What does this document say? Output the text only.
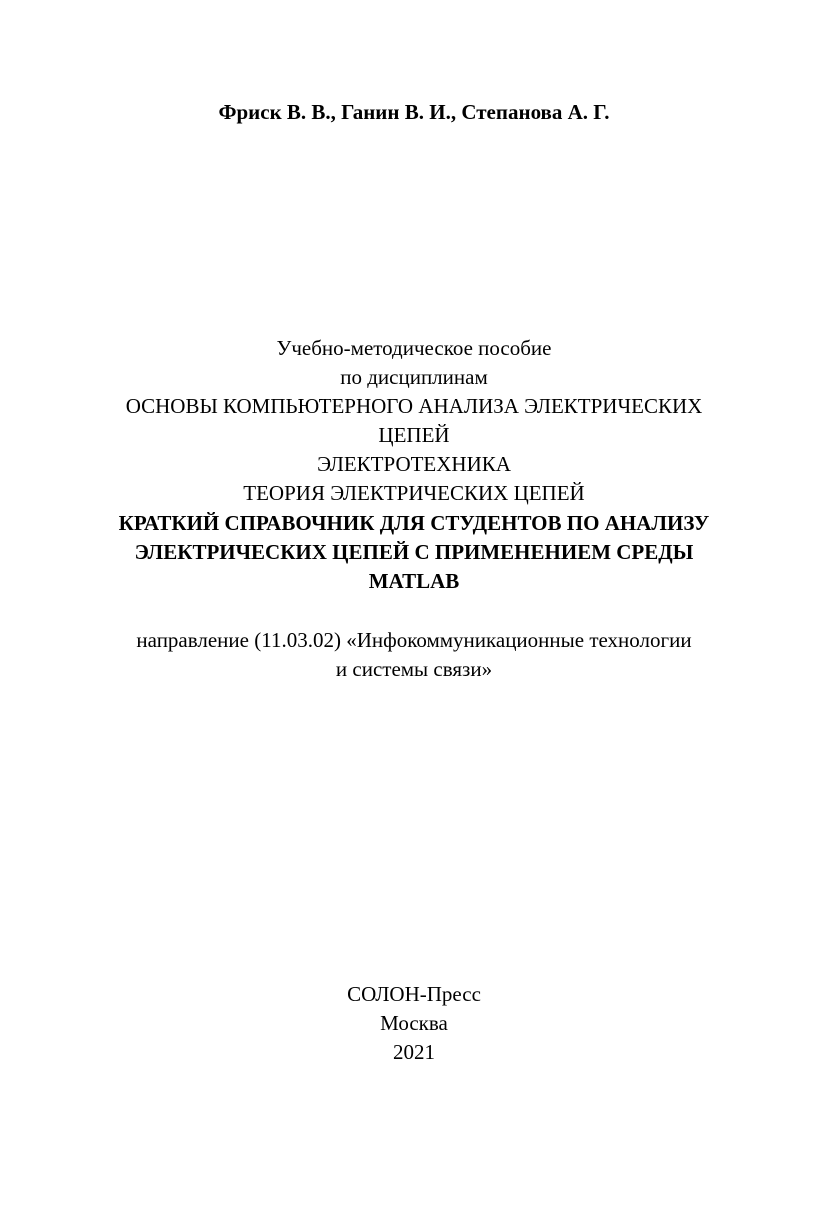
Фриск В. В., Ганин В. И., Степанова А. Г.
Учебно-методическое пособие
по дисциплинам
ОСНОВЫ КОМПЬЮТЕРНОГО АНАЛИЗА ЭЛЕКТРИЧЕСКИХ
ЦЕПЕЙ
ЭЛЕКТРОТЕХНИКА
ТЕОРИЯ ЭЛЕКТРИЧЕСКИХ ЦЕПЕЙ
КРАТКИЙ СПРАВОЧНИК ДЛЯ СТУДЕНТОВ ПО АНАЛИЗУ
ЭЛЕКТРИЧЕСКИХ ЦЕПЕЙ С ПРИМЕНЕНИЕМ СРЕДЫ
MATLAB
направление (11.03.02) «Инфокоммуникационные технологии
и системы связи»
СОЛОН-Пресс
Москва
2021
